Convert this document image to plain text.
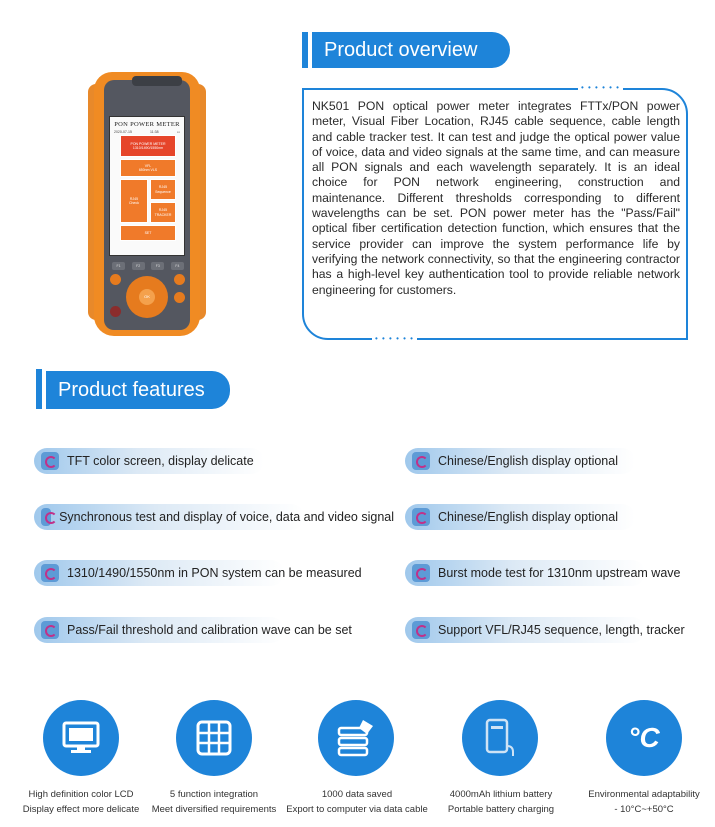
PON POWER METER
2020-07-15	11:38	▭
PON POWER METER
1310/1490/1550nm
VFL
650nm VLS
RJ45
Check
RJ45
Sequence
RJ45
TRACKER
SET
F1	F2	F3	F4
OK
Product overview
• • • • • •
• • • • • •
NK501 PON optical power meter integrates FTTx/PON power meter, Visual Fiber Location, RJ45 cable sequence, cable length and cable tracker test. It can test and judge the optical power value of voice, data and video signals at the same time, and can measure all PON signals and each wavelength separately. It is an ideal choice for PON network engineering, construction and maintenance. Different thresholds corresponding to different wavelengths can be set. PON power meter has the "Pass/Fail" optical fiber certification detection function, which ensures that the service provider can improve the system performance life by verifying the network connectivity, so that the engineering contractor has a high-level key authentication tool to provide reliable network engineering for customers.
Product features
TFT color screen, display delicate
Synchronous test and display of voice, data and video signal
1310/1490/1550nm in PON system can be measured
Pass/Fail threshold and calibration wave can be set
Chinese/English display optional
Chinese/English display optional
Burst mode test for 1310nm upstream wave
Support VFL/RJ45 sequence, length, tracker
High definition color LCD
Display effect more delicate
5 function integration
Meet diversified requirements
1000 data saved
Export to computer via data cable
4000mAh lithium battery
Portable battery charging
°C
Environmental adaptability
- 10°C~+50°C
